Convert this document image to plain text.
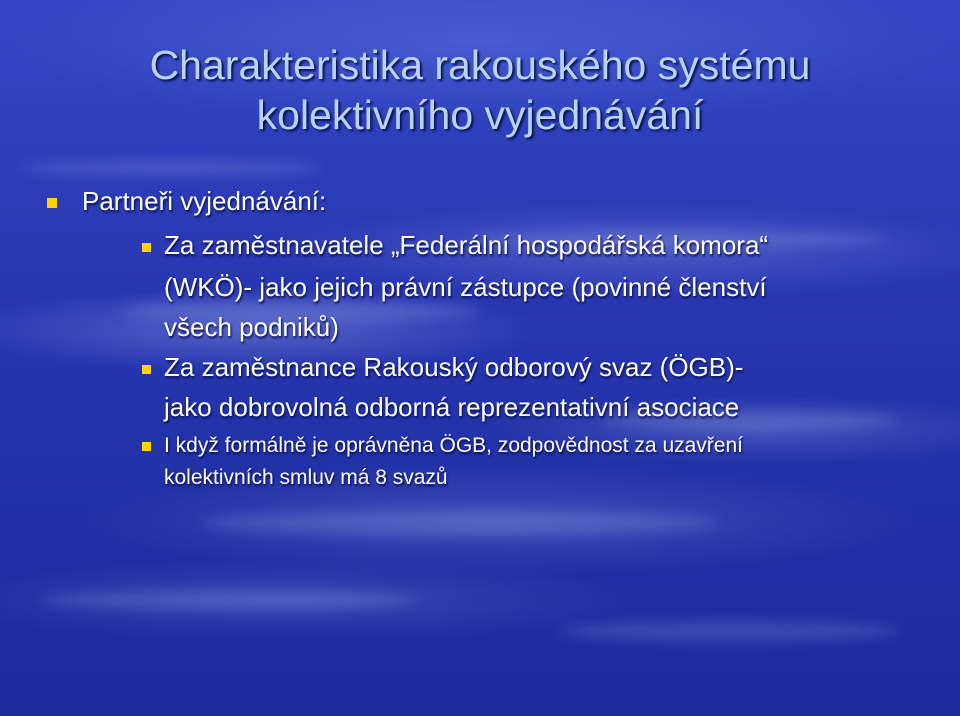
Charakteristika rakouského systému
kolektivního vyjednávání
Partneři vyjednávání:
Za zaměstnavatele „Federální hospodářská komora“
(WKÖ)- jako jejich právní zástupce (povinné členství
všech podniků)
Za zaměstnance Rakouský odborový svaz (ÖGB)-
jako dobrovolná odborná reprezentativní asociace
I když formálně je oprávněna ÖGB, zodpovědnost za uzavření
kolektivních smluv má 8 svazů
